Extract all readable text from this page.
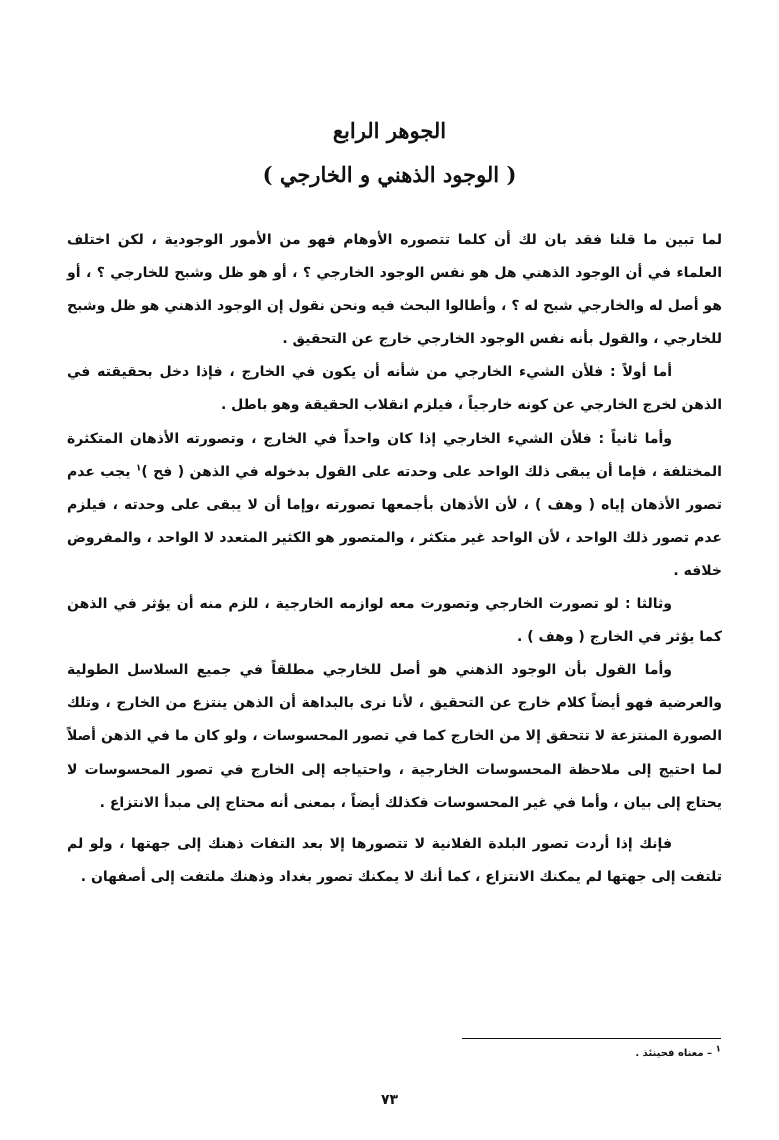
الجوهر الرابع
( الوجود الذهني و الخارجي )

لما تبين ما قلنا فقد بان لك أن كلما تتصوره الأوهام فهو من الأمور الوجودية ، لكن اختلف العلماء في أن الوجود الذهني هل هو نفس الوجود الخارجي ؟ ، أو هو ظل وشبح للخارجي ؟ ، أو هو أصل له والخارجي شبح له ؟ ، وأطالوا البحث فيه ونحن نقول إن الوجود الذهني هو ظل وشبح للخارجي ، والقول بأنه نفس الوجود الخارجي خارج عن التحقيق .

أما أولاً : فلأن الشيء الخارجي من شأنه أن يكون في الخارج ، فإذا دخل بحقيقته في الذهن لخرج الخارجي عن كونه خارجياً ، فيلزم انقلاب الحقيقة وهو باطل .

وأما ثانياً : فلأن الشيء الخارجي إذا كان واحداً في الخارج ، وتصورته الأذهان المتكثرة المختلفة ، فإما أن يبقى ذلك الواحد على وحدته على القول بدخوله في الذهن ( فح )$^١$ يجب عدم تصور الأذهان إياه ( وهف ) ، لأن الأذهان بأجمعها تصورته ،وإما أن لا يبقى على وحدته ، فيلزم عدم تصور ذلك الواحد ، لأن الواحد غير متكثر ، والمتصور هو الكثير المتعدد لا الواحد ، والمفروض خلافه .

وثالثا : لو تصورت الخارجي وتصورت معه لوازمه الخارجية ، للزم منه أن يؤثر في الذهن كما يؤثر في الخارج ( وهف ) .

وأما القول بأن الوجود الذهني هو أصل للخارجي مطلقاً في جميع السلاسل الطولية والعرضية فهو أيضاً كلام خارج عن التحقيق ، لأنا نرى بالبداهة أن الذهن ينتزع من الخارج ، وتلك الصورة المنتزعة لا تتحقق إلا من الخارج كما في تصور المحسوسات ، ولو كان ما في الذهن أصلاً لما احتيج إلى ملاحظة المحسوسات الخارجية ، واحتياجه إلى الخارج في تصور المحسوسات لا يحتاج إلى بيان ، وأما في غير المحسوسات فكذلك أيضاً ، بمعنى أنه محتاج إلى مبدأ الانتزاع .

فإنك إذا أردت تصور البلدة الفلانية لا تتصورها إلا بعد التفات ذهنك إلى جهتها ، ولو لم تلتفت إلى جهتها لم يمكنك الانتزاع ، كما أنك لا يمكنك تصور بغداد وذهنك ملتفت إلى أصفهان .

١ – معناه فحينئذ .
٧٣
